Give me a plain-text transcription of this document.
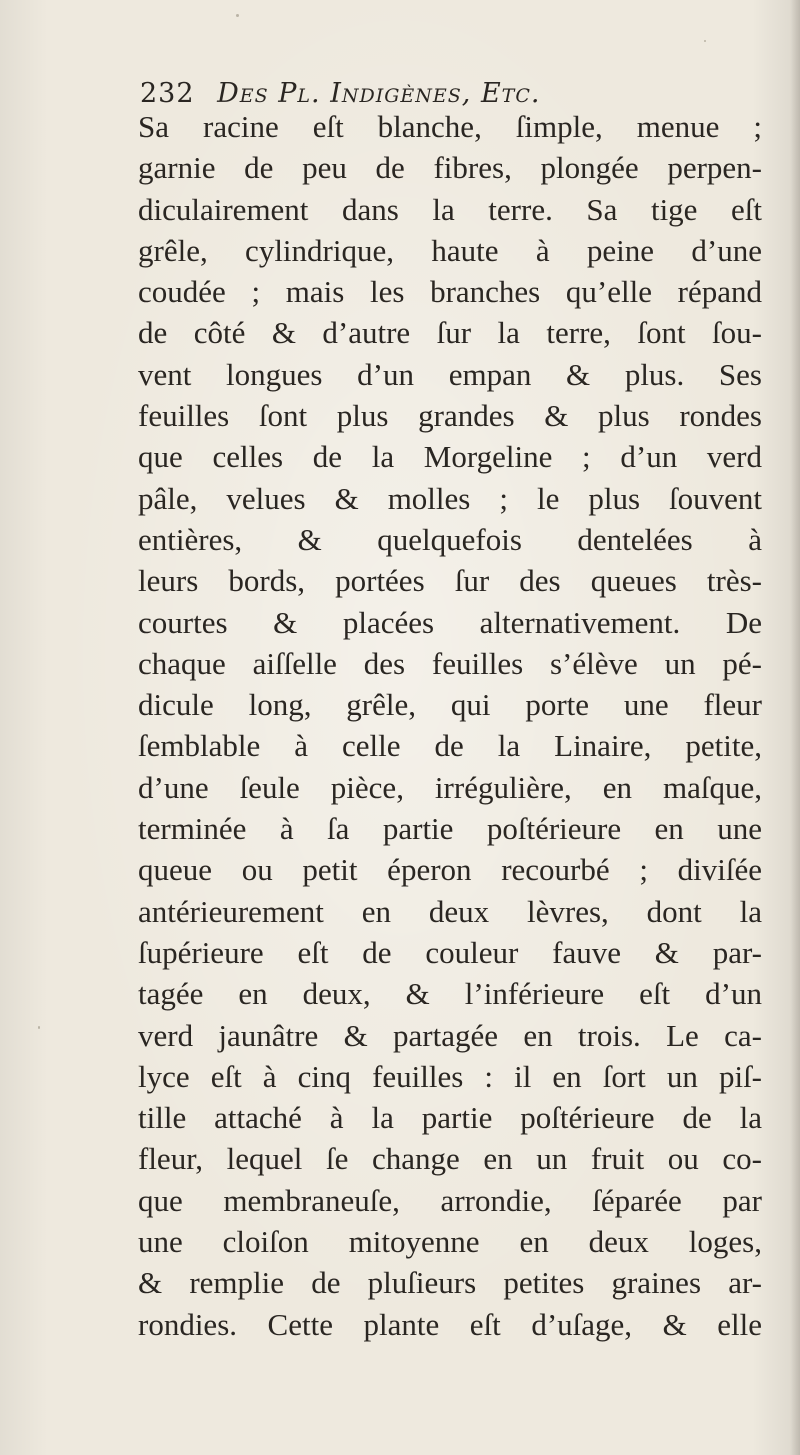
232 Des Pl. Indigènes, Etc.
Sa racine eſt blanche, ſimple, menue ;
garnie de peu de fibres, plongée perpen-
diculairement dans la terre. Sa tige eſt
grêle, cylindrique, haute à peine d’une
coudée ; mais les branches qu’elle répand
de côté & d’autre ſur la terre, ſont ſou-
vent longues d’un empan & plus. Ses
feuilles ſont plus grandes & plus rondes
que celles de la Morgeline ; d’un verd
pâle, velues & molles ; le plus ſouvent
entières, & quelquefois dentelées à
leurs bords, portées ſur des queues très-
courtes & placées alternativement. De
chaque aiſſelle des feuilles s’élève un pé-
dicule long, grêle, qui porte une fleur
ſemblable à celle de la Linaire, petite,
d’une ſeule pièce, irrégulière, en maſque,
terminée à ſa partie poſtérieure en une
queue ou petit éperon recourbé ; diviſée
antérieurement en deux lèvres, dont la
ſupérieure eſt de couleur fauve & par-
tagée en deux, & l’inférieure eſt d’un
verd jaunâtre & partagée en trois. Le ca-
lyce eſt à cinq feuilles : il en ſort un piſ-
tille attaché à la partie poſtérieure de la
fleur, lequel ſe change en un fruit ou co-
que membraneuſe, arrondie, ſéparée par
une cloiſon mitoyenne en deux loges,
& remplie de pluſieurs petites graines ar-
rondies. Cette plante eſt d’uſage, & elle
